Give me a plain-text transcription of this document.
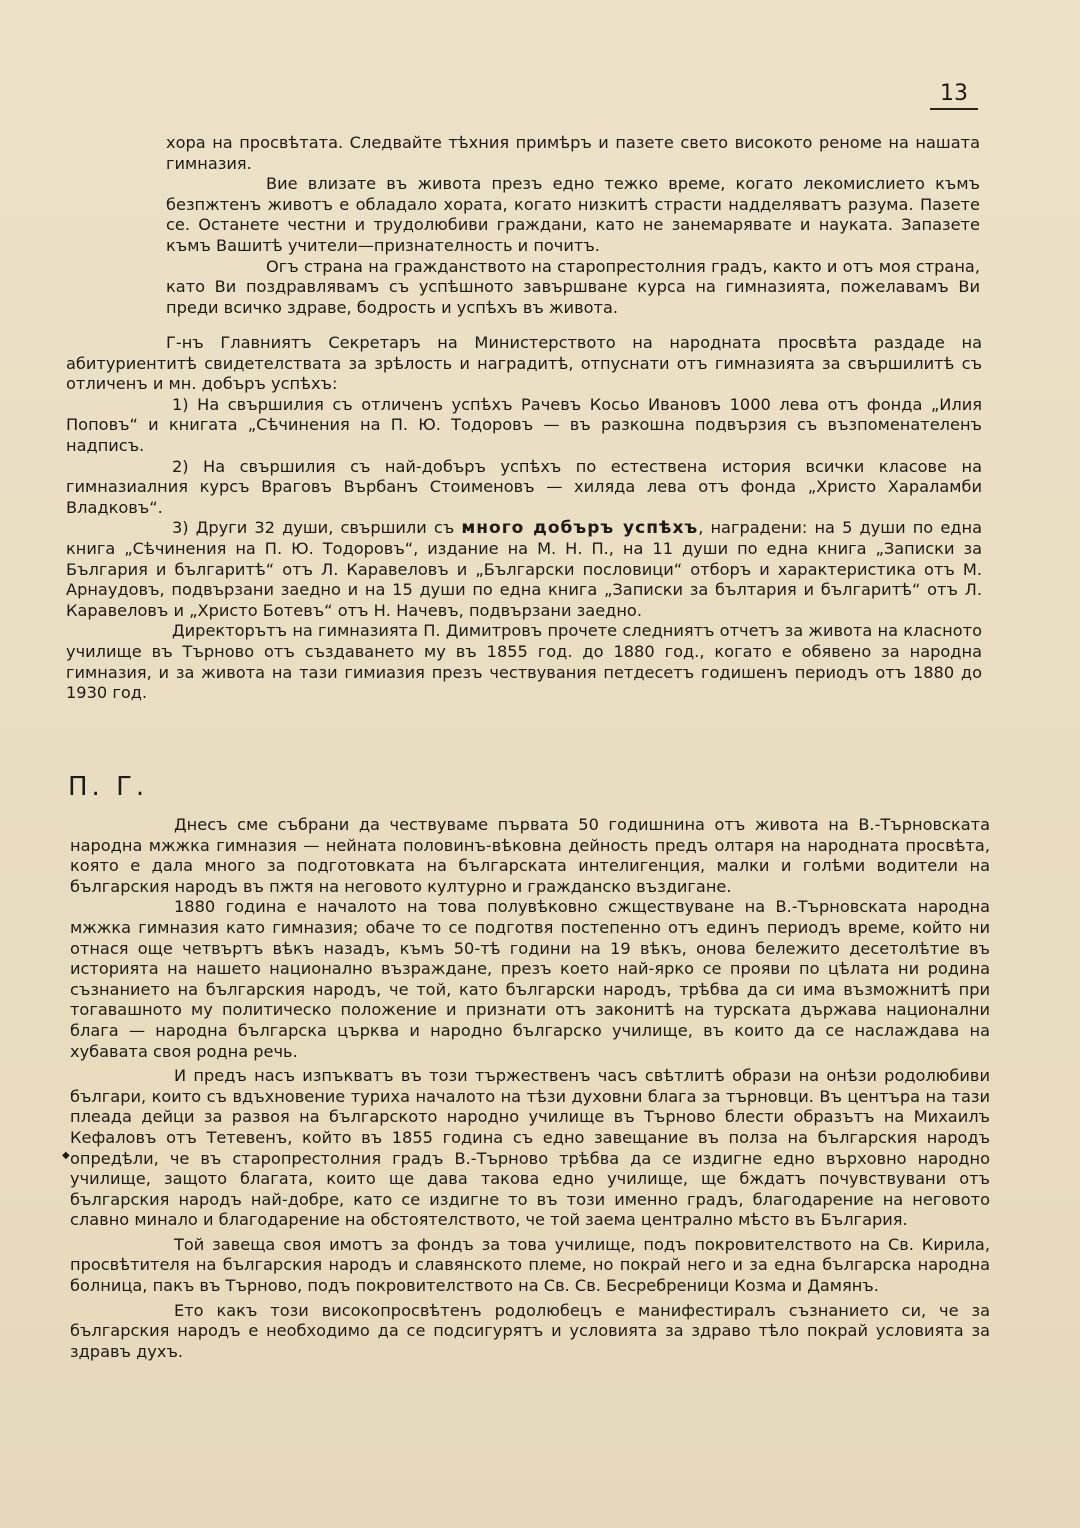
13

хора на просвѣтата. Следвайте тѣхния примѣръ и пазете свето високото реноме на нашата гимназия.

Вие влизате въ живота презъ едно тежко време, когато лекомислието къмъ безпжтенъ животъ е обладало хората, когато низкитѣ страсти надделяватъ разума. Пазете се. Останете честни и трудолюбиви граждани, като не занемарявате и науката. Запазете къмъ Вашитѣ учители—признателность и почитъ.

Огъ страна на гражданството на старопрестолния градъ, както и отъ моя страна, като Ви поздравлявамъ съ успѣшното завършване курса на гимназията, пожелавамъ Ви преди всичко здраве, бодрость и успѣхъ въ живота.

Г-нъ Главниятъ Секретаръ на Министерството на народната просвѣта раздаде на абитуриентитѣ свидетелствата за зрѣлость и наградитѣ, отпуснати отъ гимназията за свършилитѣ съ отличенъ и мн. добъръ успѣхъ:

1) На свършилия съ отличенъ успѣхъ Рачевъ Косьо Ивановъ 1000 лева отъ фонда „Илия Поповъ“ и книгата „Сѣчинения на П. Ю. Тодоровъ — въ разкошна подвързия съ възпоменателенъ надписъ.

2) На свършилия съ най-добъръ успѣхъ по естествена история всички класове на гимназиалния курсъ Враговъ Върбанъ Стоименовъ — хиляда лева отъ фонда „Христо Хараламби Владковъ“.

3) Други 32 души, свършили съ много добъръ успѣхъ, наградени: на 5 души по една книга „Сѣчинения на П. Ю. Тодоровъ“, издание на М. Н. П., на 11 души по една книга „Записки за България и българитѣ“ отъ Л. Каравеловъ и „Български пословици“ отборъ и характеристика отъ М. Арнаудовъ, подвързани заедно и на 15 души по една книга „Записки за бълтария и българитѣ“ отъ Л. Каравеловъ и „Христо Ботевъ“ отъ Н. Начевъ, подвързани заедно.

Директорътъ на гимназията П. Димитровъ прочете следниятъ отчетъ за живота на класното училище въ Търново отъ създаването му въ 1855 год. до 1880 год., когато е обявено за народна гимназия, и за живота на тази гимиазия презъ чествувания петдесетъ годишенъ периодъ отъ 1880 до 1930 год.

П. Г.

Днесъ сме събрани да чествуваме първата 50 годишнина отъ живота на В.-Търновската народна мжжка гимназия — нейната половинъ-вѣковна дейность предъ олтаря на народната просвѣта, която е дала много за подготовката на българската интелигенция, малки и голѣми водители на българския народъ въ пжтя на неговото културно и гражданско въздигане.

1880 година е началото на това полувѣковно сжществуване на В.-Търновската народна мжжка гимназия като гимназия; обаче то се подготвя постепенно отъ единъ периодъ време, който ни отнася още четвъртъ вѣкъ назадъ, къмъ 50-тѣ години на 19 вѣкъ, онова бележито десетолѣтие въ историята на нашето национално възраждане, презъ което най-ярко се прояви по цѣлата ни родина съзнанието на българския народъ, че той, като български народъ, трѣбва да си има възможнитѣ при тогавашното му политическо положение и признати отъ законитѣ на турската държава национални блага — народна българска църква и народно българско училище, въ които да се наслаждава на хубавата своя родна речь.

И предъ насъ изпъкватъ въ този тържественъ часъ свѣтлитѣ образи на онѣзи родолюбиви българи, които съ вдъхновение туриха началото на тѣзи духовни блага за търновци. Въ центъра на тази плеада дейци за развоя на българското народно училище въ Търново блести образътъ на Михаилъ Кефаловъ отъ Тетевенъ, който въ 1855 година съ едно завещание въ полза на българския народъ опредѣли, че въ старопрестолния градъ В.-Търново трѣбва да се издигне едно върховно народно училище, защото благата, които ще дава такова едно училище, ще бждатъ почувствувани отъ българския народъ най-добре, като се издигне то въ този именно градъ, благодарение на неговото славно минало и благодарение на обстоятелството, че той заема централно мѣсто въ България.

Той завеща своя имотъ за фондъ за това училище, подъ покровителството на Св. Кирила, просвѣтителя на българския народъ и славянското племе, но покрай него и за една българска народна болница, пакъ въ Търново, подъ покровителството на Св. Св. Бесребреници Козма и Дамянъ.

Ето какъ този високопросвѣтенъ родолюбецъ е манифестиралъ съзнанието си, че за българския народъ е необходимо да се подсигурятъ и условията за здраво тѣло покрай условията за здравъ духъ.

◆
